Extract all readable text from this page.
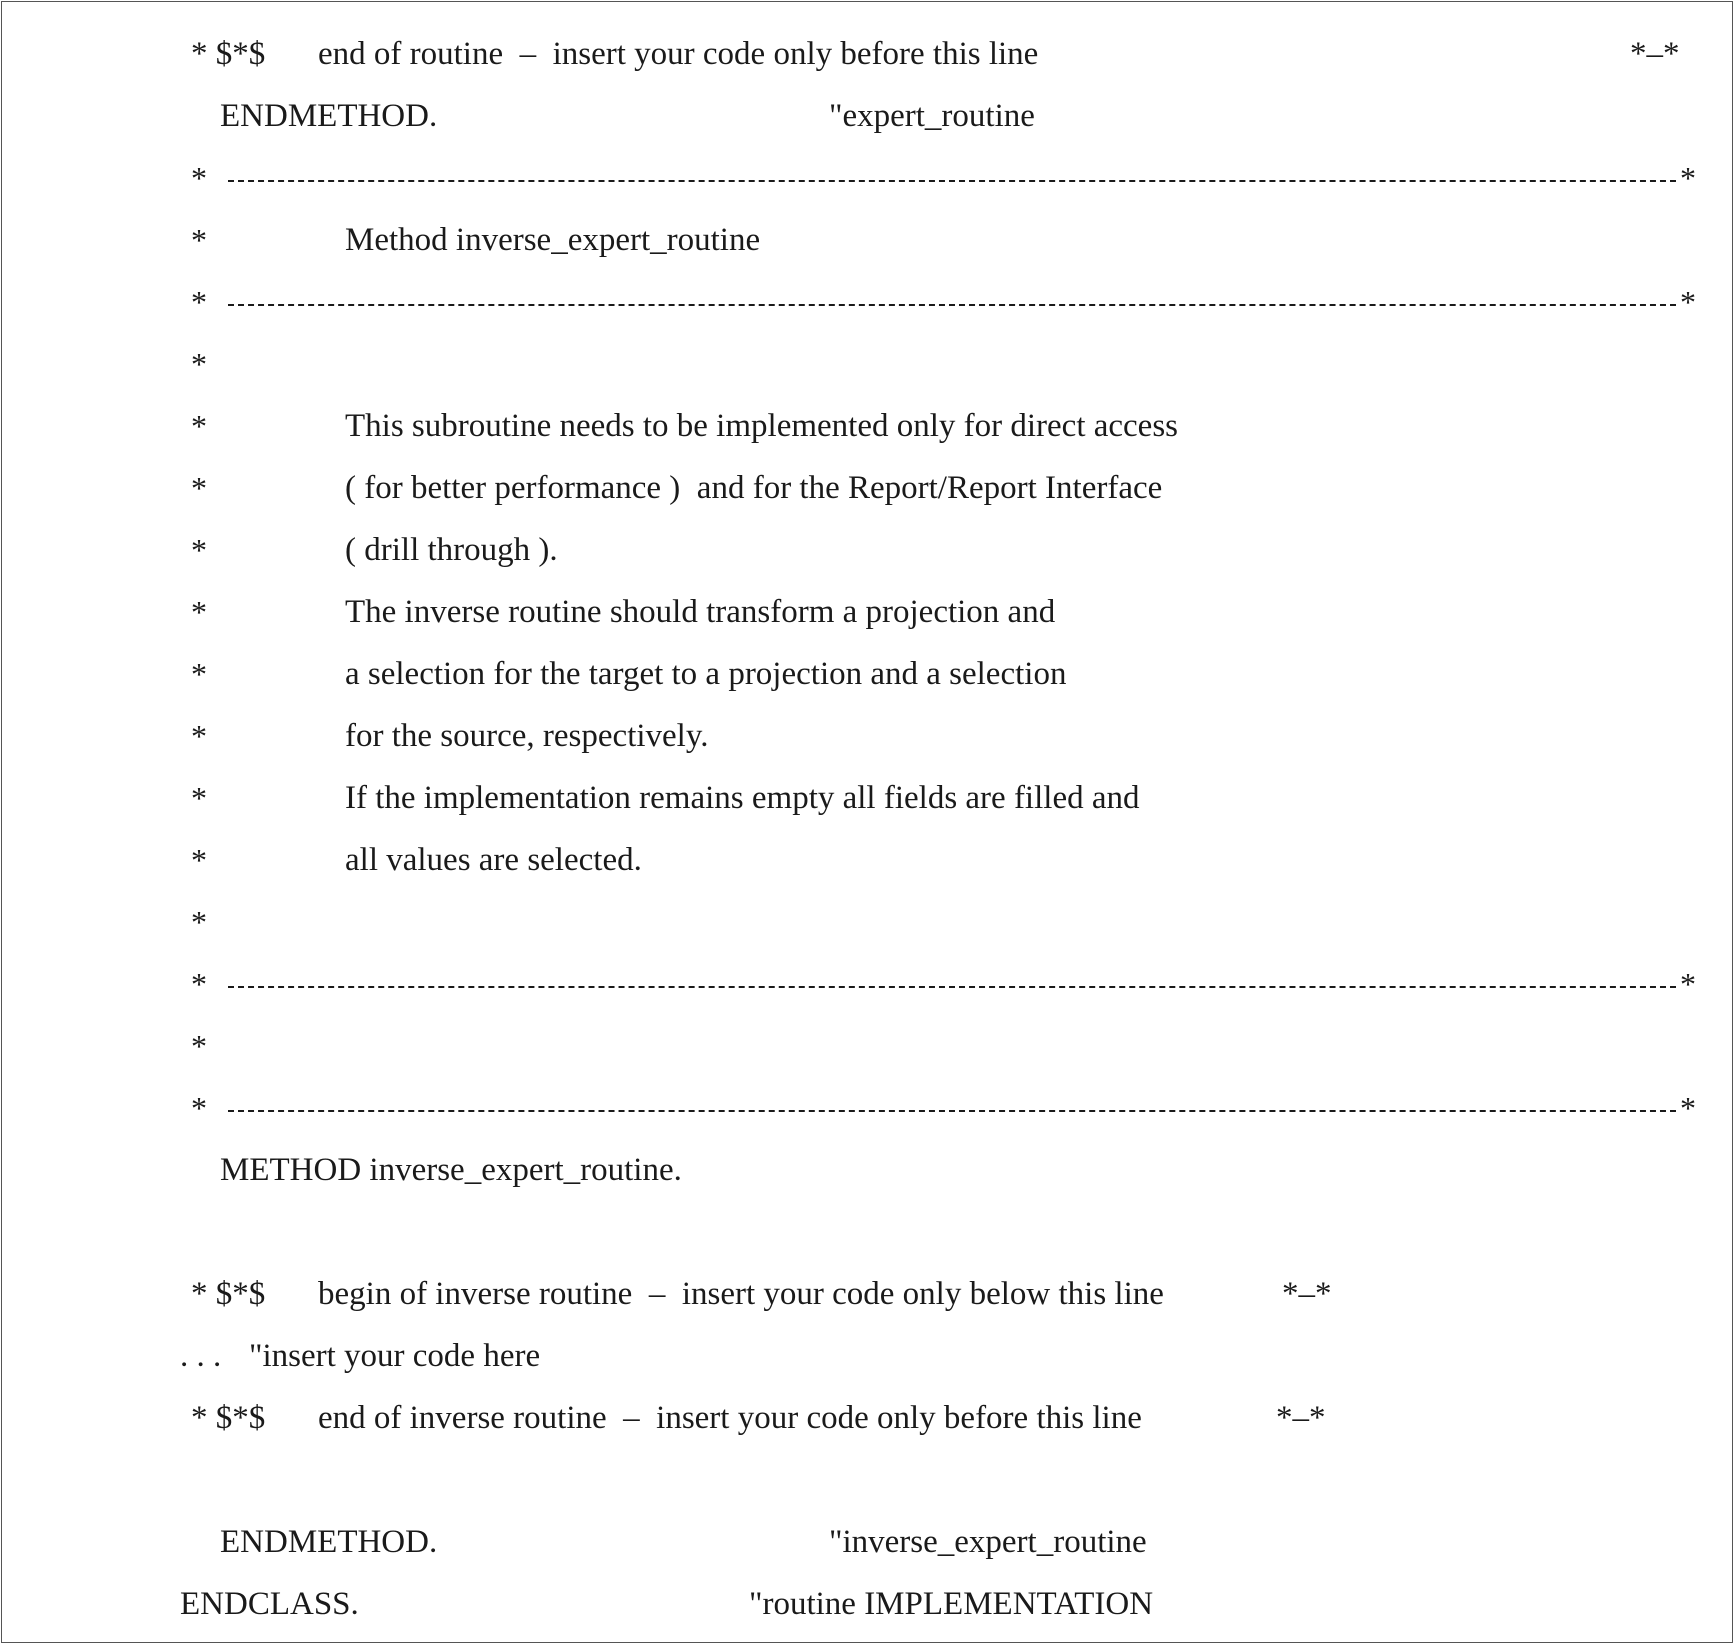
* $*$ end of routine  –  insert your code only before this line	*–*
ENDMETHOD.	"expert_routine
*	*
*	Method inverse_expert_routine
*	*
*
*	This subroutine needs to be implemented only for direct access
*	( for better performance )  and for the Report/Report Interface
*	( drill through ).
*	The inverse routine should transform a projection and
*	a selection for the target to a projection and a selection
*	for the source, respectively.
*	If the implementation remains empty all fields are filled and
*	all values are selected.
*
*	*
*
*	*
METHOD inverse_expert_routine.
* $*$ begin of inverse routine  –  insert your code only below this line	*–*
. . . "insert your code here
* $*$ end of inverse routine  –  insert your code only before this line	*–*
ENDMETHOD.	"inverse_expert_routine
ENDCLASS.	"routine IMPLEMENTATION
